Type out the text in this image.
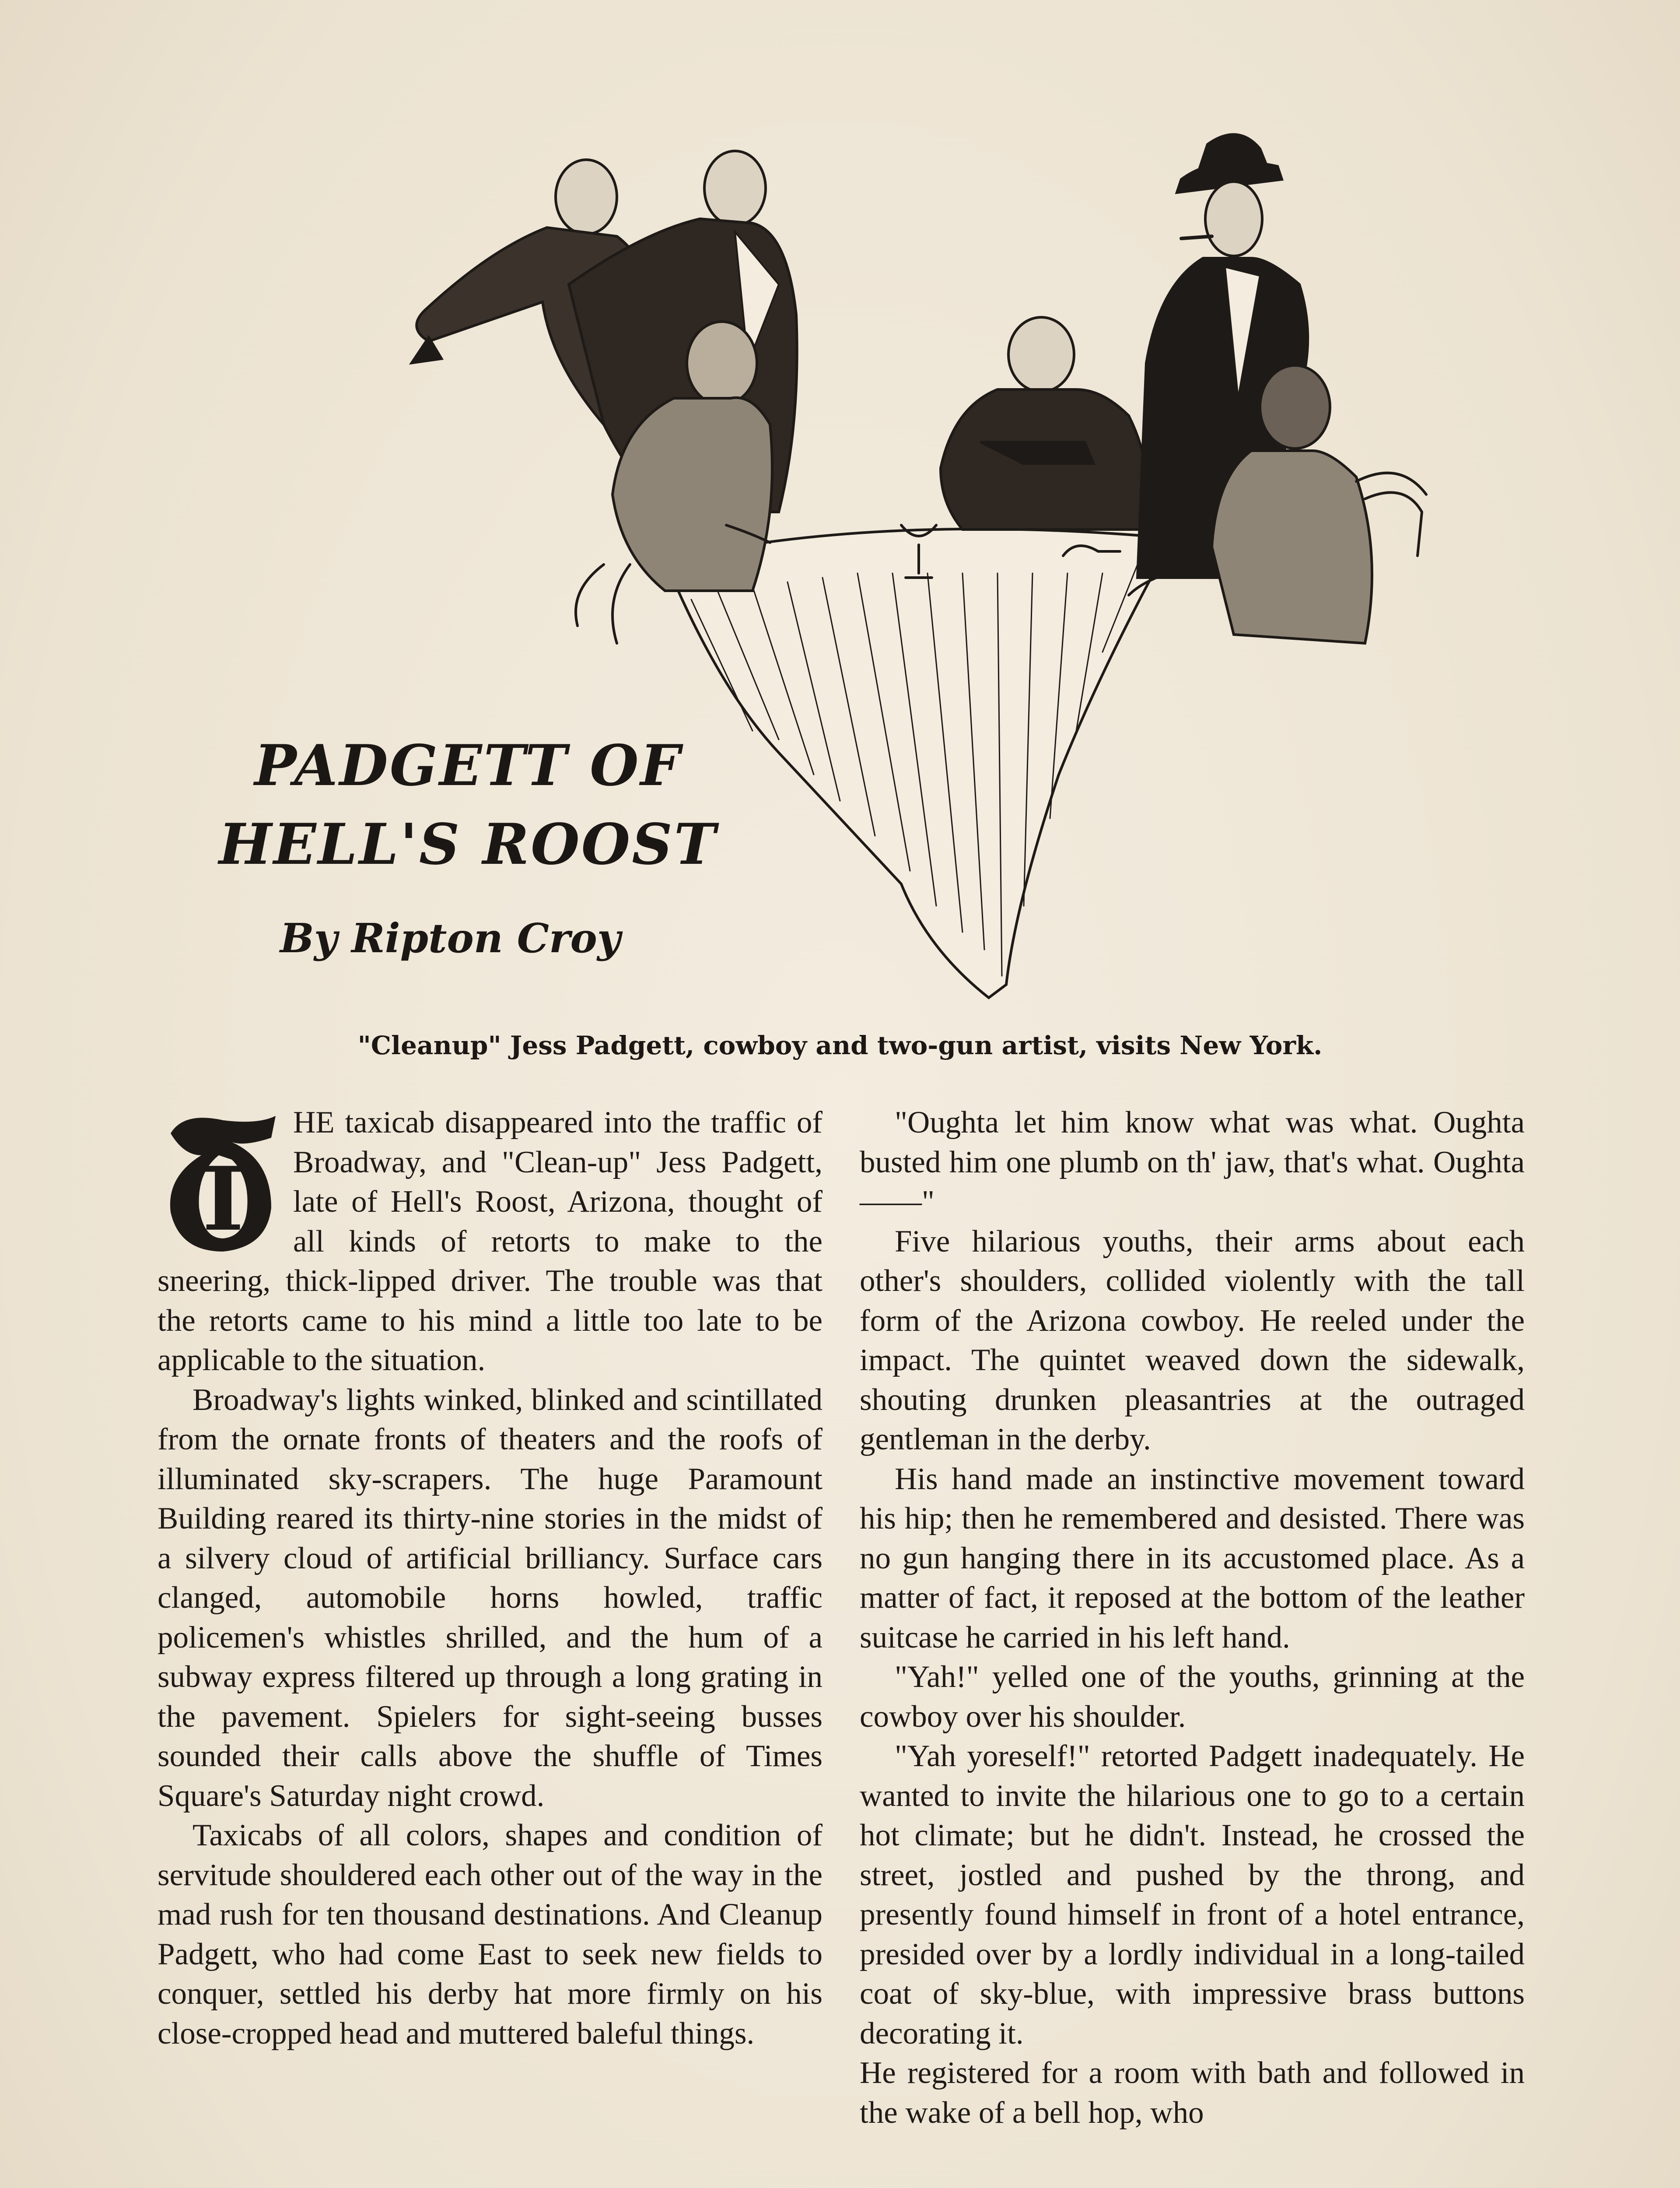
PADGETT OF
HELL'S ROOST
By Ripton Croy
"Cleanup" Jess Padgett, cowboy and two-gun artist, visits New York.
T

HE taxicab disappeared into the traffic of Broadway, and "Clean-up" Jess Padgett, late of Hell's Roost, Arizona, thought of all kinds of retorts to make to the sneering, thick-lipped driver. The trouble was that the retorts came to his mind a little too late to be applicable to the situation.

Broadway's lights winked, blinked and scintillated from the ornate fronts of theaters and the roofs of illuminated sky-scrapers. The huge Paramount Building reared its thirty-nine stories in the midst of a silvery cloud of artificial brilliancy. Surface cars clanged, automobile horns howled, traffic policemen's whistles shrilled, and the hum of a subway express filtered up through a long grating in the pavement. Spielers for sight-seeing busses sounded their calls above the shuffle of Times Square's Saturday night crowd.

Taxicabs of all colors, shapes and condition of servitude shouldered each other out of the way in the mad rush for ten thousand destinations. And Cleanup Padgett, who had come East to seek new fields to conquer, settled his derby hat more firmly on his close-cropped head and muttered baleful things.

"Oughta let him know what was what. Oughta busted him one plumb on th' jaw, that's what. Oughta——"

Five hilarious youths, their arms about each other's shoulders, collided violently with the tall form of the Arizona cowboy. He reeled under the impact. The quintet weaved down the sidewalk, shouting drunken pleasantries at the outraged gentleman in the derby.

His hand made an instinctive movement toward his hip; then he remembered and desisted. There was no gun hanging there in its accustomed place. As a matter of fact, it reposed at the bottom of the leather suitcase he carried in his left hand.

"Yah!" yelled one of the youths, grinning at the cowboy over his shoulder.

"Yah yoreself!" retorted Padgett inadequately. He wanted to invite the hilarious one to go to a certain hot climate; but he didn't. Instead, he crossed the street, jostled and pushed by the throng, and presently found himself in front of a hotel entrance, presided over by a lordly individual in a long-tailed coat of sky-blue, with impressive brass buttons decorating it.

He registered for a room with bath and followed in the wake of a bell hop, who
